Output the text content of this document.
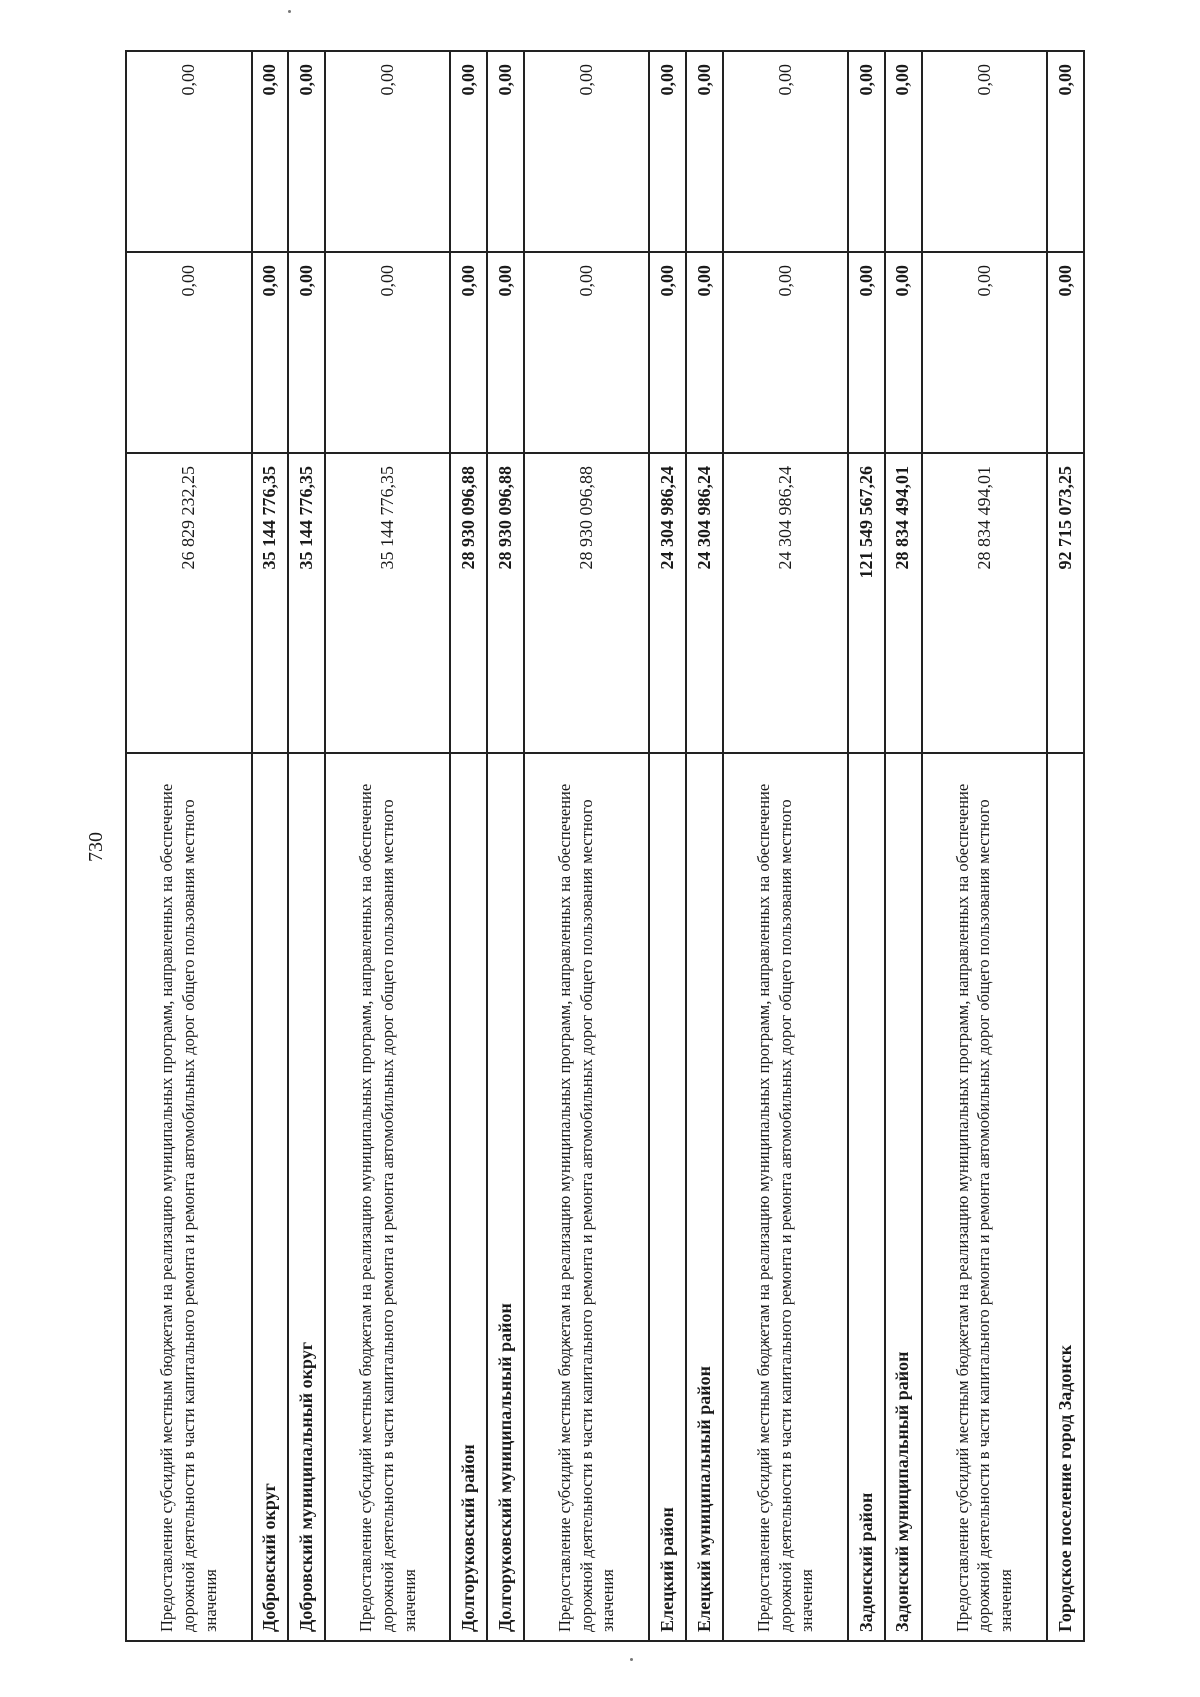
730	Предоставление субсидий местным бюджетам на реализацию муниципальных программ, направленных на обеспечение дорожной деятельности в части капитального ремонта и ремонта автомобильных дорог общего пользования местного значения	26 829 232,25	0,00	0,00
Добровский округ	35 144 776,35	0,00	0,00
Добровский муниципальный округ	35 144 776,35	0,00	0,00
Предоставление субсидий местным бюджетам на реализацию муниципальных программ, направленных на обеспечение дорожной деятельности в части капитального ремонта и ремонта автомобильных дорог общего пользования местного значения	35 144 776,35	0,00	0,00
Долгоруковский район	28 930 096,88	0,00	0,00
Долгоруковский муниципальный район	28 930 096,88	0,00	0,00
Предоставление субсидий местным бюджетам на реализацию муниципальных программ, направленных на обеспечение дорожной деятельности в части капитального ремонта и ремонта автомобильных дорог общего пользования местного значения	28 930 096,88	0,00	0,00
Елецкий район	24 304 986,24	0,00	0,00
Елецкий муниципальный район	24 304 986,24	0,00	0,00
Предоставление субсидий местным бюджетам на реализацию муниципальных программ, направленных на обеспечение дорожной деятельности в части капитального ремонта и ремонта автомобильных дорог общего пользования местного значения	24 304 986,24	0,00	0,00
Задонский район	121 549 567,26	0,00	0,00
Задонский муниципальный район	28 834 494,01	0,00	0,00
Предоставление субсидий местным бюджетам на реализацию муниципальных программ, направленных на обеспечение дорожной деятельности в части капитального ремонта и ремонта автомобильных дорог общего пользования местного значения	28 834 494,01	0,00	0,00
Городское поселение город Задонск	92 715 073,25	0,00	0,00
